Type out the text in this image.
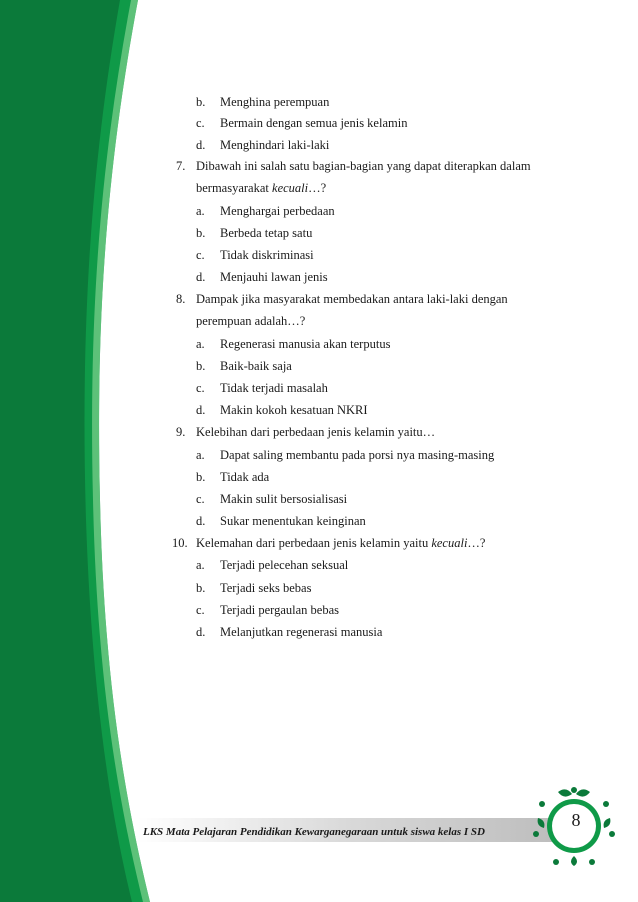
b. Menghina perempuan
c. Bermain dengan semua jenis kelamin
d. Menghindari laki-laki
7. Dibawah ini salah satu bagian-bagian yang dapat diterapkan dalam
bermasyarakat kecuali…?
a. Menghargai perbedaan
b. Berbeda tetap satu
c. Tidak diskriminasi
d. Menjauhi lawan jenis
8. Dampak jika masyarakat membedakan antara laki-laki dengan
perempuan adalah…?
a. Regenerasi manusia akan terputus
b. Baik-baik saja
c. Tidak terjadi masalah
d. Makin kokoh kesatuan NKRI
9. Kelebihan dari perbedaan jenis kelamin yaitu…
a. Dapat saling membantu pada porsi nya masing-masing
b. Tidak ada
c. Makin sulit bersosialisasi
d. Sukar menentukan keinginan
10. Kelemahan dari perbedaan jenis kelamin yaitu kecuali…?
a. Terjadi pelecehan seksual
b. Terjadi seks bebas
c. Terjadi pergaulan bebas
d. Melanjutkan regenerasi manusia
LKS Mata Pelajaran Pendidikan Kewarganegaraan untuk siswa kelas I SD
8
